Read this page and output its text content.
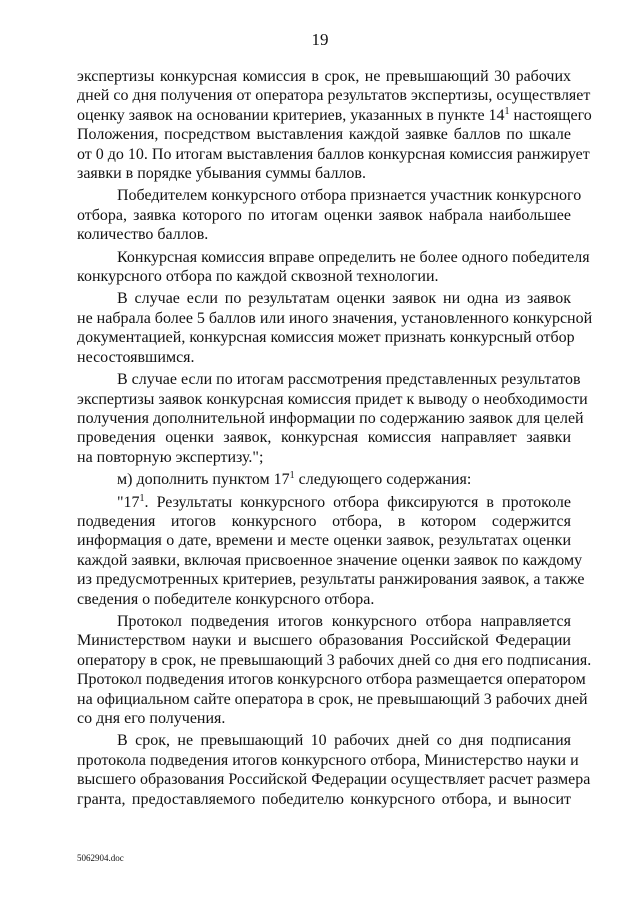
19
экспертизы конкурсная комиссия в срок, не превышающий 30 рабочих
дней со дня получения от оператора результатов экспертизы, осуществляет
оценку заявок на основании критериев, указанных в пункте $14^1$ настоящего
Положения, посредством выставления каждой заявке баллов по шкале
от 0 до 10. По итогам выставления баллов конкурсная комиссия ранжирует
заявки в порядке убывания суммы баллов.
Победителем конкурсного отбора признается участник конкурсного
отбора, заявка которого по итогам оценки заявок набрала наибольшее
количество баллов.
Конкурсная комиссия вправе определить не более одного победителя
конкурсного отбора по каждой сквозной технологии.
В случае если по результатам оценки заявок ни одна из заявок
не набрала более 5 баллов или иного значения, установленного конкурсной
документацией, конкурсная комиссия может признать конкурсный отбор
несостоявшимся.
В случае если по итогам рассмотрения представленных результатов
экспертизы заявок конкурсная комиссия придет к выводу о необходимости
получения дополнительной информации по содержанию заявок для целей
проведения оценки заявок, конкурсная комиссия направляет заявки
на повторную экспертизу.";
м) дополнить пунктом $17^1$ следующего содержания:
"$17^1$. Результаты конкурсного отбора фиксируются в протоколе
подведения итогов конкурсного отбора, в котором содержится
информация о дате, времени и месте оценки заявок, результатах оценки
каждой заявки, включая присвоенное значение оценки заявок по каждому
из предусмотренных критериев, результаты ранжирования заявок, а также
сведения о победителе конкурсного отбора.
Протокол подведения итогов конкурсного отбора направляется
Министерством науки и высшего образования Российской Федерации
оператору в срок, не превышающий 3 рабочих дней со дня его подписания.
Протокол подведения итогов конкурсного отбора размещается оператором
на официальном сайте оператора в срок, не превышающий 3 рабочих дней
со дня его получения.
В срок, не превышающий 10 рабочих дней со дня подписания
протокола подведения итогов конкурсного отбора, Министерство науки и
высшего образования Российской Федерации осуществляет расчет размера
гранта, предоставляемого победителю конкурсного отбора, и выносит
5062904.doc
